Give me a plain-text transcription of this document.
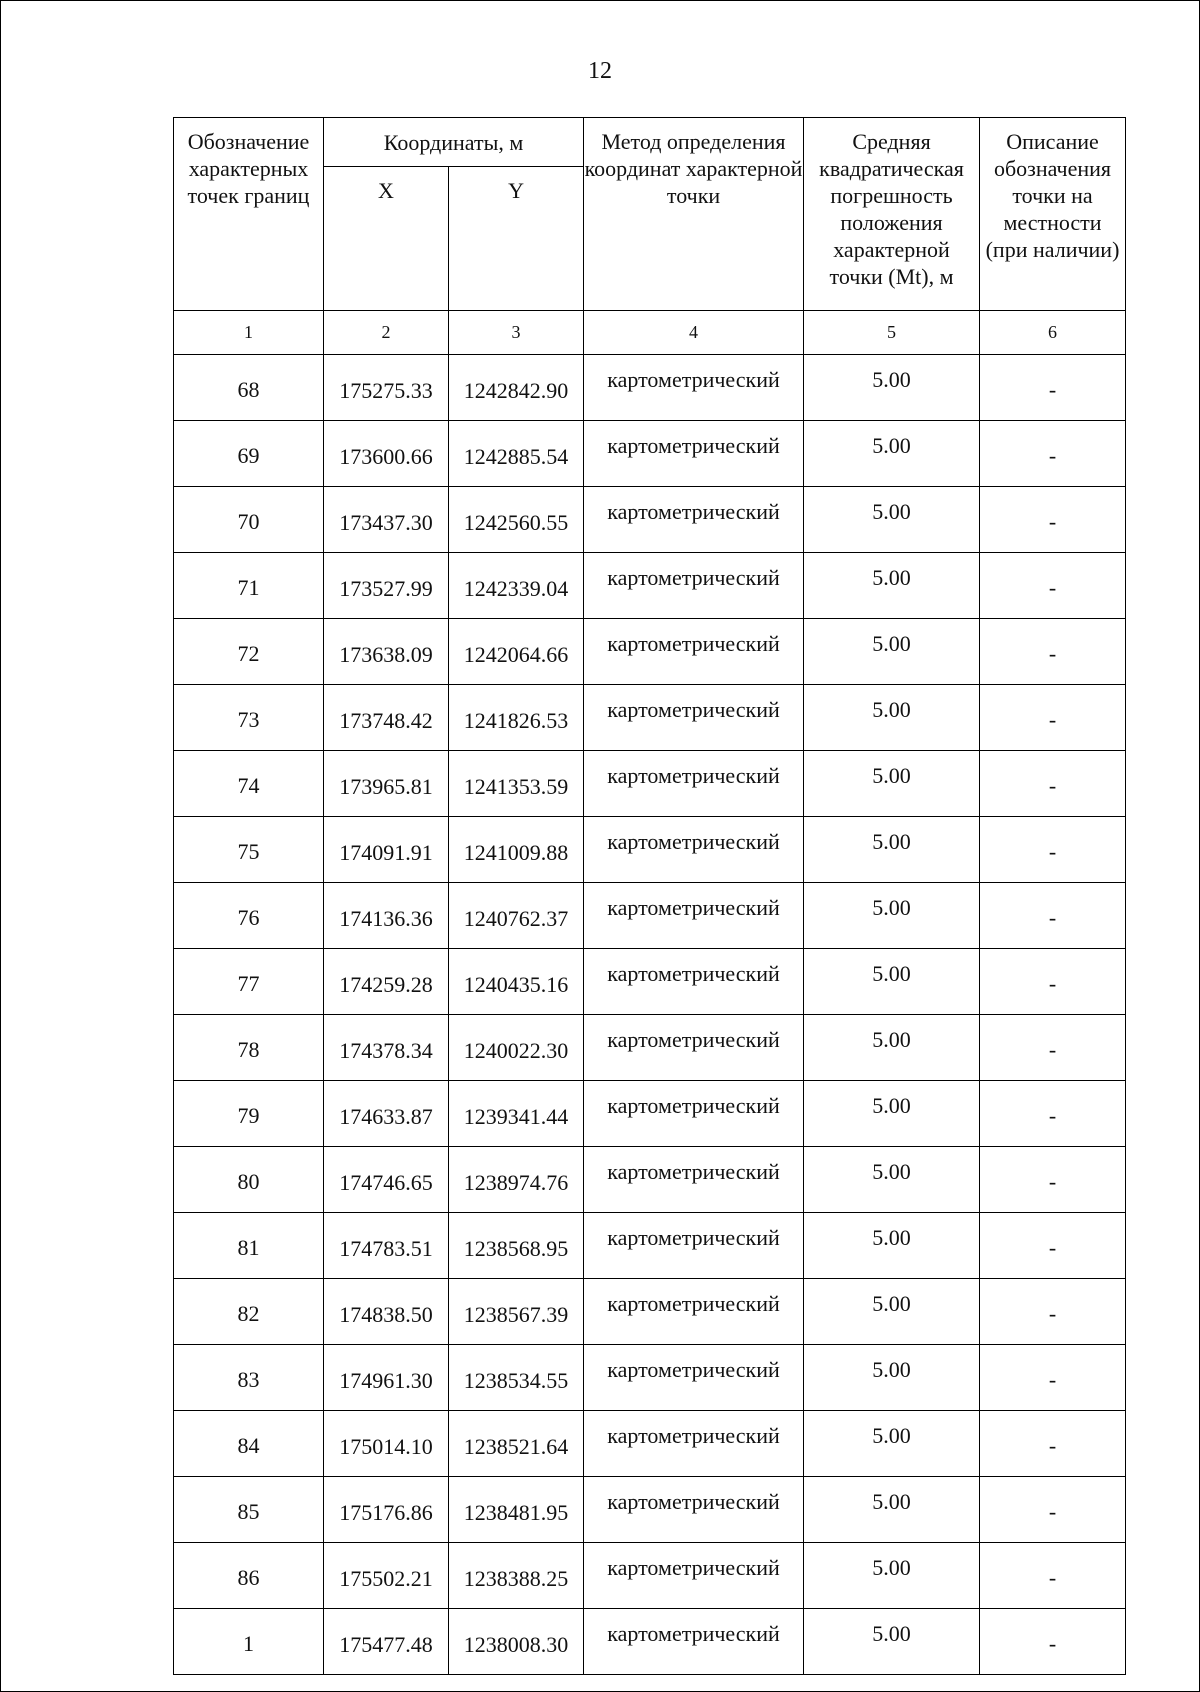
12
Обозначение характерных точек границ	Координаты, м		Метод определения координат характерной точки	Средняя квадратическая погрешность положения характерной точки (Mt), м	Описание обозначения точки на местности (при наличии)
	X	Y			
1	2	3	4	5	6
68	175275.33	1242842.90	картометрический	5.00	-
69	173600.66	1242885.54	картометрический	5.00	-
70	173437.30	1242560.55	картометрический	5.00	-
71	173527.99	1242339.04	картометрический	5.00	-
72	173638.09	1242064.66	картометрический	5.00	-
73	173748.42	1241826.53	картометрический	5.00	-
74	173965.81	1241353.59	картометрический	5.00	-
75	174091.91	1241009.88	картометрический	5.00	-
76	174136.36	1240762.37	картометрический	5.00	-
77	174259.28	1240435.16	картометрический	5.00	-
78	174378.34	1240022.30	картометрический	5.00	-
79	174633.87	1239341.44	картометрический	5.00	-
80	174746.65	1238974.76	картометрический	5.00	-
81	174783.51	1238568.95	картометрический	5.00	-
82	174838.50	1238567.39	картометрический	5.00	-
83	174961.30	1238534.55	картометрический	5.00	-
84	175014.10	1238521.64	картометрический	5.00	-
85	175176.86	1238481.95	картометрический	5.00	-
86	175502.21	1238388.25	картометрический	5.00	-
1	175477.48	1238008.30	картометрический	5.00	-
